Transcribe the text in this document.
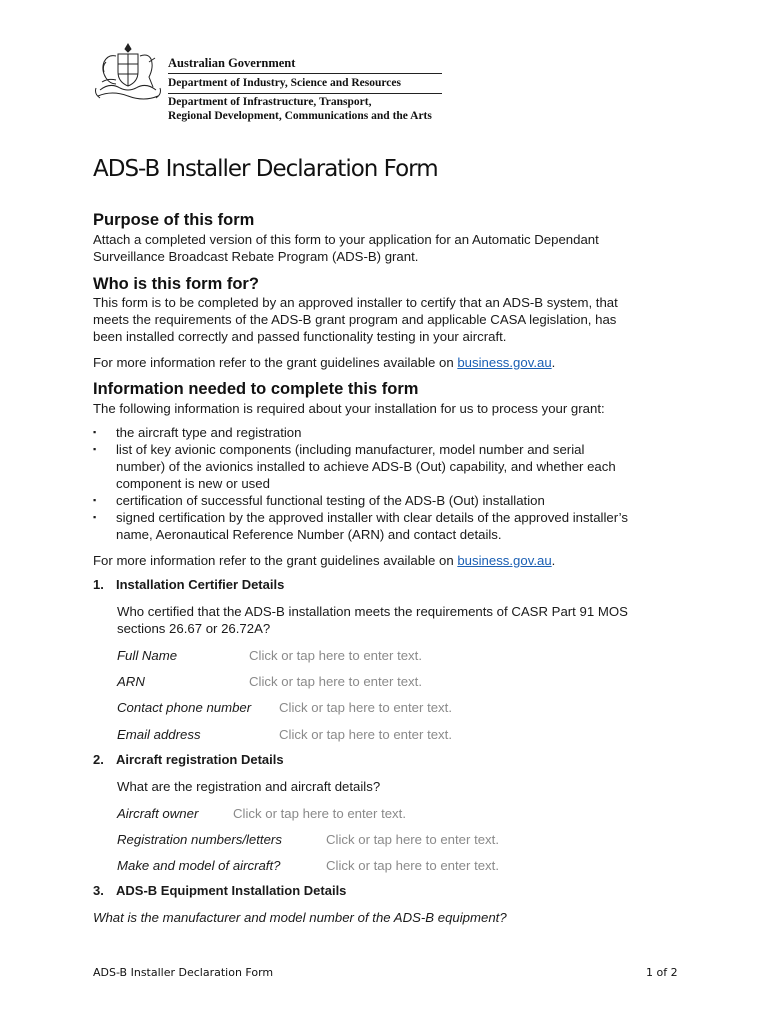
Australian Government
Department of Industry, Science and Resources
Department of Infrastructure, Transport,
Regional Development, Communications and the Arts
ADS-B Installer Declaration Form
Purpose of this form
Attach a completed version of this form to your application for an Automatic Dependant
Surveillance Broadcast Rebate Program (ADS-B) grant.
Who is this form for?
This form is to be completed by an approved installer to certify that an ADS-B system, that
meets the requirements of the ADS-B grant program and applicable CASA legislation, has
been installed correctly and passed functionality testing in your aircraft.
For more information refer to the grant guidelines available on business.gov.au.
Information needed to complete this form
The following information is required about your installation for us to process your grant:
▪ the aircraft type and registration
▪ list of key avionic components (including manufacturer, model number and serial
number) of the avionics installed to achieve ADS-B (Out) capability, and whether each
component is new or used
▪ certification of successful functional testing of the ADS-B (Out) installation
▪ signed certification by the approved installer with clear details of the approved installer’s
name, Aeronautical Reference Number (ARN) and contact details.
For more information refer to the grant guidelines available on business.gov.au.
1. Installation Certifier Details
Who certified that the ADS-B installation meets the requirements of CASR Part 91 MOS
sections 26.67 or 26.72A?
Full Name	Click or tap here to enter text.
ARN	Click or tap here to enter text.
Contact phone number Click or tap here to enter text.
Email address	Click or tap here to enter text.
2. Aircraft registration Details
What are the registration and aircraft details?
Aircraft owner	Click or tap here to enter text.
Registration numbers/letters	Click or tap here to enter text.
Make and model of aircraft?	Click or tap here to enter text.
3. ADS-B Equipment Installation Details
What is the manufacturer and model number of the ADS-B equipment?
ADS-B Installer Declaration Form	1 of 2
